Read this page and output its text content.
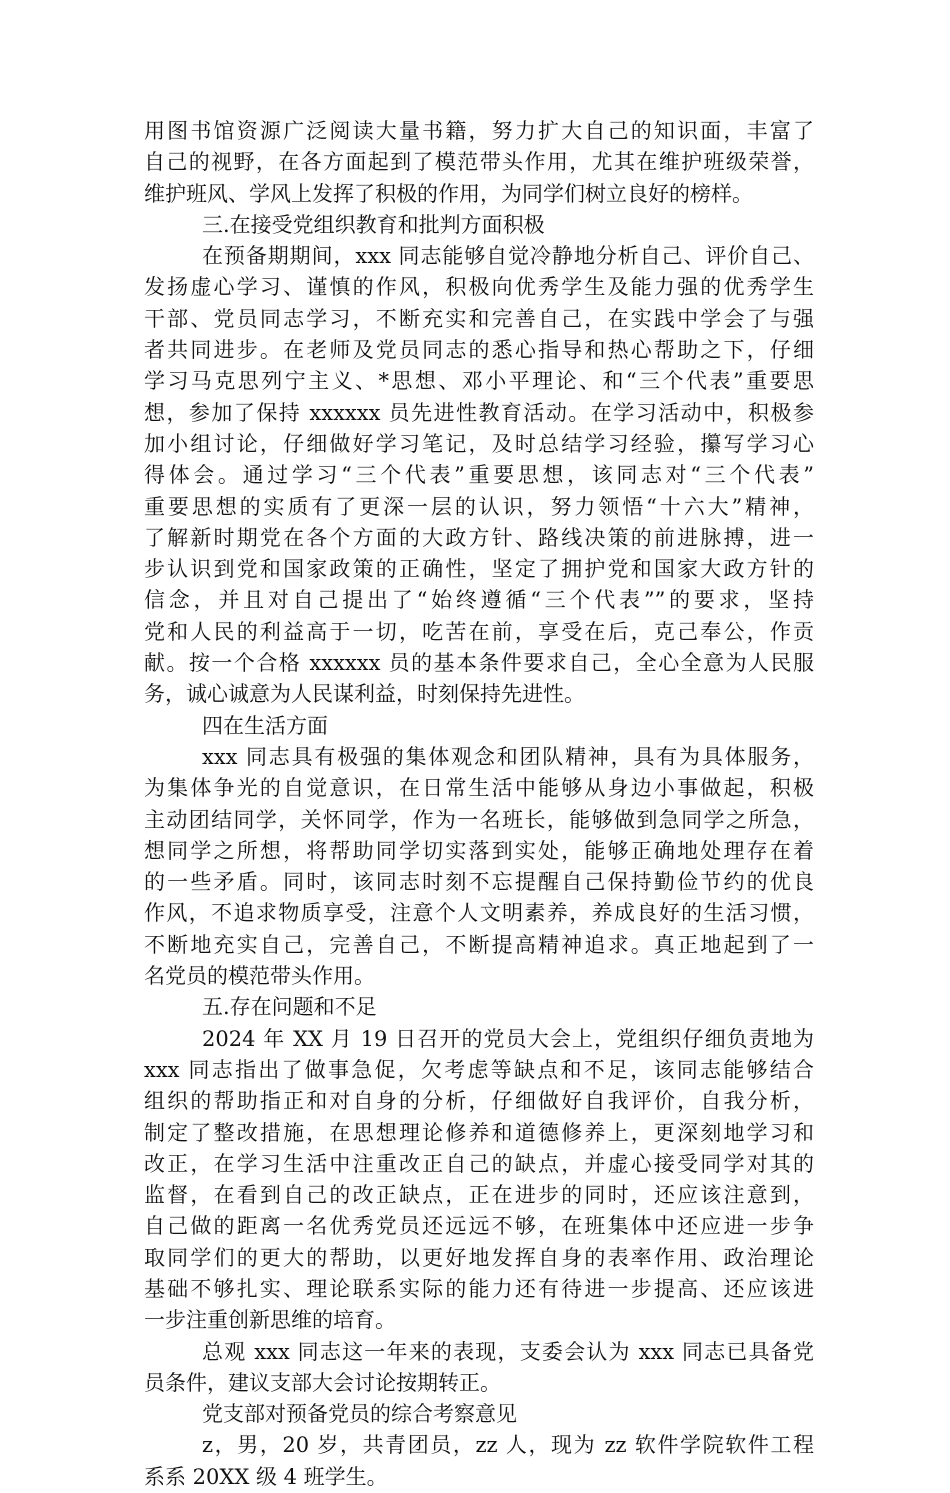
用图书馆资源广泛阅读大量书籍，努力扩大自己的知识面，丰富了
自己的视野，在各方面起到了模范带头作用，尤其在维护班级荣誉，
维护班风、学风上发挥了积极的作用，为同学们树立良好的榜样。
三.在接受党组织教育和批判方面积极
在预备期期间，xxx 同志能够自觉冷静地分析自己、评价自己、
发扬虚心学习、谨慎的作风，积极向优秀学生及能力强的优秀学生
干部、党员同志学习，不断充实和完善自己，在实践中学会了与强
者共同进步。在老师及党员同志的悉心指导和热心帮助之下，仔细
学习马克思列宁主义、*思想、邓小平理论、和“三个代表”重要思
想，参加了保持 xxxxxx 员先进性教育活动。在学习活动中，积极参
加小组讨论，仔细做好学习笔记，及时总结学习经验，攥写学习心
得体会。通过学习“三个代表”重要思想，该同志对“三个代表”
重要思想的实质有了更深一层的认识，努力领悟“十六大”精神，
了解新时期党在各个方面的大政方针、路线决策的前进脉搏，进一
步认识到党和国家政策的正确性，坚定了拥护党和国家大政方针的
信念，并且对自己提出了“始终遵循“三个代表””的要求，坚持
党和人民的利益高于一切，吃苦在前，享受在后，克己奉公，作贡
献。按一个合格 xxxxxx 员的基本条件要求自己，全心全意为人民服
务，诚心诚意为人民谋利益，时刻保持先进性。
四在生活方面
xxx 同志具有极强的集体观念和团队精神，具有为具体服务，
为集体争光的自觉意识，在日常生活中能够从身边小事做起，积极
主动团结同学，关怀同学，作为一名班长，能够做到急同学之所急，
想同学之所想，将帮助同学切实落到实处，能够正确地处理存在着
的一些矛盾。同时，该同志时刻不忘提醒自己保持勤俭节约的优良
作风，不追求物质享受，注意个人文明素养，养成良好的生活习惯，
不断地充实自己，完善自己，不断提高精神追求。真正地起到了一
名党员的模范带头作用。
五.存在问题和不足
2024 年 XX 月 19 日召开的党员大会上，党组织仔细负责地为
xxx 同志指出了做事急促，欠考虑等缺点和不足，该同志能够结合
组织的帮助指正和对自身的分析，仔细做好自我评价，自我分析，
制定了整改措施，在思想理论修养和道德修养上，更深刻地学习和
改正，在学习生活中注重改正自己的缺点，并虚心接受同学对其的
监督，在看到自己的改正缺点，正在进步的同时，还应该注意到，
自己做的距离一名优秀党员还远远不够，在班集体中还应进一步争
取同学们的更大的帮助，以更好地发挥自身的表率作用、政治理论
基础不够扎实、理论联系实际的能力还有待进一步提高、还应该进
一步注重创新思维的培育。
总观 xxx 同志这一年来的表现，支委会认为 xxx 同志已具备党
员条件，建议支部大会讨论按期转正。
党支部对预备党员的综合考察意见
z，男，20 岁，共青团员，zz 人，现为 zz 软件学院软件工程
系系 20XX 级 4 班学生。
